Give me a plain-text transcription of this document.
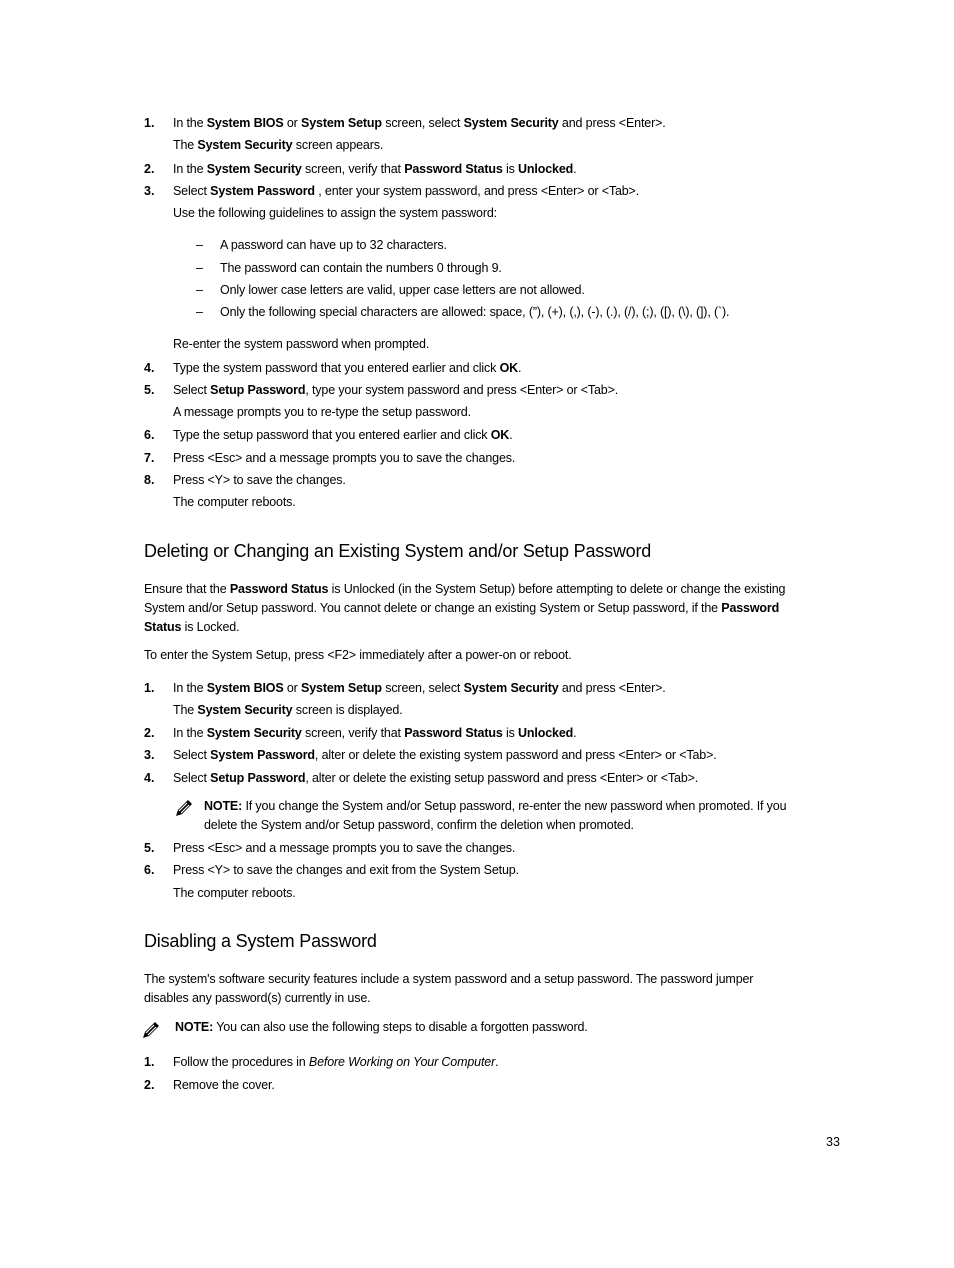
1. In the System BIOS or System Setup screen, select System Security and press <Enter>.
The System Security screen appears.
2. In the System Security screen, verify that Password Status is Unlocked.
3. Select System Password , enter your system password, and press <Enter> or <Tab>.
Use the following guidelines to assign the system password:
– A password can have up to 32 characters.
– The password can contain the numbers 0 through 9.
– Only lower case letters are valid, upper case letters are not allowed.
– Only the following special characters are allowed: space, (”), (+), (,), (-), (.), (/), (;), ([), (\), (]), (`).
Re-enter the system password when prompted.
4. Type the system password that you entered earlier and click OK.
5. Select Setup Password, type your system password and press <Enter> or <Tab>.
A message prompts you to re-type the setup password.
6. Type the setup password that you entered earlier and click OK.
7. Press <Esc> and a message prompts you to save the changes.
8. Press <Y> to save the changes.
The computer reboots.
Deleting or Changing an Existing System and/or Setup Password
Ensure that the Password Status is Unlocked (in the System Setup) before attempting to delete or change the existing
System and/or Setup password. You cannot delete or change an existing System or Setup password, if the Password
Status is Locked.
To enter the System Setup, press <F2> immediately after a power-on or reboot.
1. In the System BIOS or System Setup screen, select System Security and press <Enter>.
The System Security screen is displayed.
2. In the System Security screen, verify that Password Status is Unlocked.
3. Select System Password, alter or delete the existing system password and press <Enter> or <Tab>.
4. Select Setup Password, alter or delete the existing setup password and press <Enter> or <Tab>.
NOTE: If you change the System and/or Setup password, re-enter the new password when promoted. If you
delete the System and/or Setup password, confirm the deletion when promoted.
5. Press <Esc> and a message prompts you to save the changes.
6. Press <Y> to save the changes and exit from the System Setup.
The computer reboots.
Disabling a System Password
The system's software security features include a system password and a setup password. The password jumper
disables any password(s) currently in use.
NOTE: You can also use the following steps to disable a forgotten password.
1. Follow the procedures in Before Working on Your Computer.
2. Remove the cover.
33
